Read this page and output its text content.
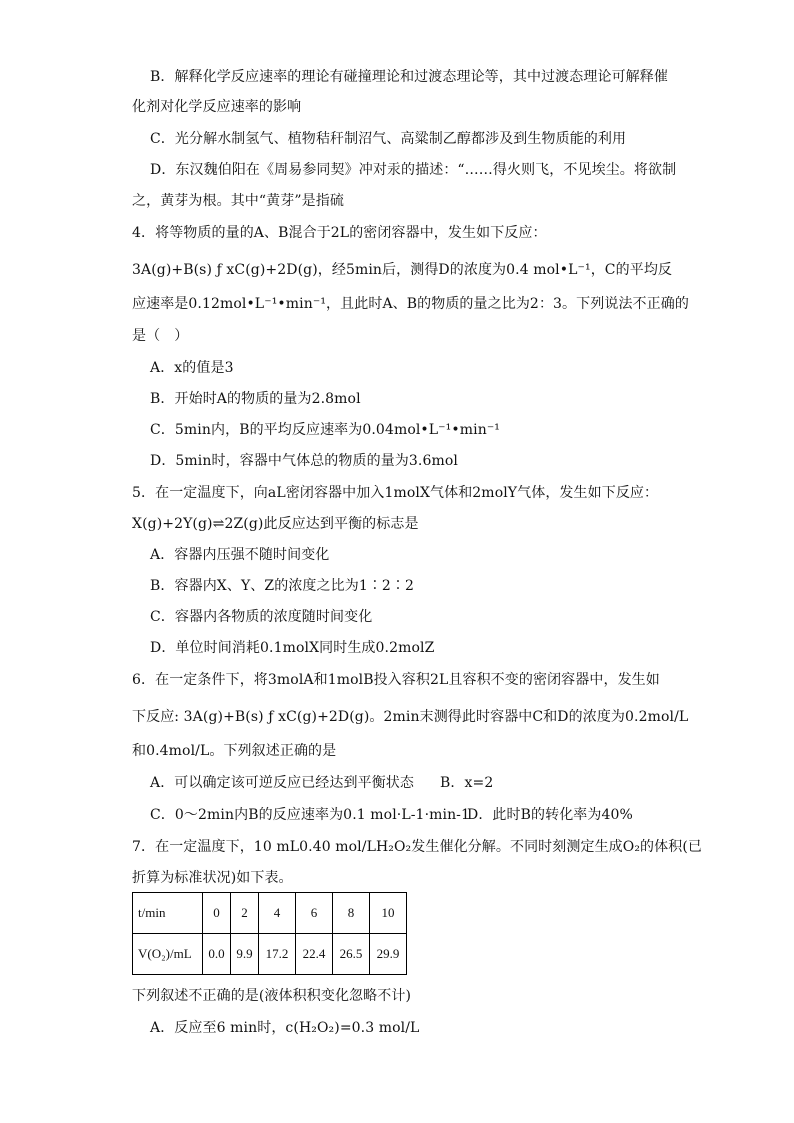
B．解释化学反应速率的理论有碰撞理论和过渡态理论等，其中过渡态理论可解释催
化剂对化学反应速率的影响
C．光分解水制氢气、植物秸秆制沼气、高粱制乙醇都涉及到生物质能的利用
D．东汉魏伯阳在《周易参同契》冲对汞的描述：“……得火则飞，不见埃尘。将欲制
之，黄芽为根。其中“黄芽”是指硫
4．将等物质的量的A、B混合于2L的密闭容器中，发生如下反应：
3A(g)+B(s) ƒ xC(g)+2D(g)，经5min后，测得D的浓度为0.4 mol•L⁻¹，C的平均反
应速率是0.12mol•L⁻¹•min⁻¹，且此时A、B的物质的量之比为2：3。下列说法不正确的
是（　）
A．x的值是3
B．开始时A的物质的量为2.8mol
C．5min内，B的平均反应速率为0.04mol•L⁻¹•min⁻¹
D．5min时，容器中气体总的物质的量为3.6mol
5．在一定温度下，向aL密闭容器中加入1molX气体和2molY气体，发生如下反应：
X(g)+2Y(g)⇌2Z(g)此反应达到平衡的标志是
A．容器内压强不随时间变化
B．容器内X、Y、Z的浓度之比为1∶2∶2
C．容器内各物质的浓度随时间变化
D．单位时间消耗0.1molX同时生成0.2molZ
6．在一定条件下，将3molA和1molB投入容积2L且容积不变的密闭容器中，发生如
下反应: 3A(g)+B(s) ƒ xC(g)+2D(g)。2min末测得此时容器中C和D的浓度为0.2mol/L
和0.4mol/L。下列叙述正确的是
A．可以确定该可逆反应已经达到平衡状态 B．x=2
C．0～2min内B的反应速率为0.1 mol·L-1·min-1
D．此时B的转化率为40%
7．在一定温度下，10 mL0.40 mol/LH₂O₂发生催化分解。不同时刻测定生成O₂的体积(已
折算为标准状况)如下表。
下列叙述不正确的是(液体积积变化忽略不计)
A．反应至6 min时，c(H₂O₂)=0.3 mol/L
t/min	0	2	4	6	8	10
V(O₂)/mL	0.0	9.9	17.2	22.4	26.5	29.9
